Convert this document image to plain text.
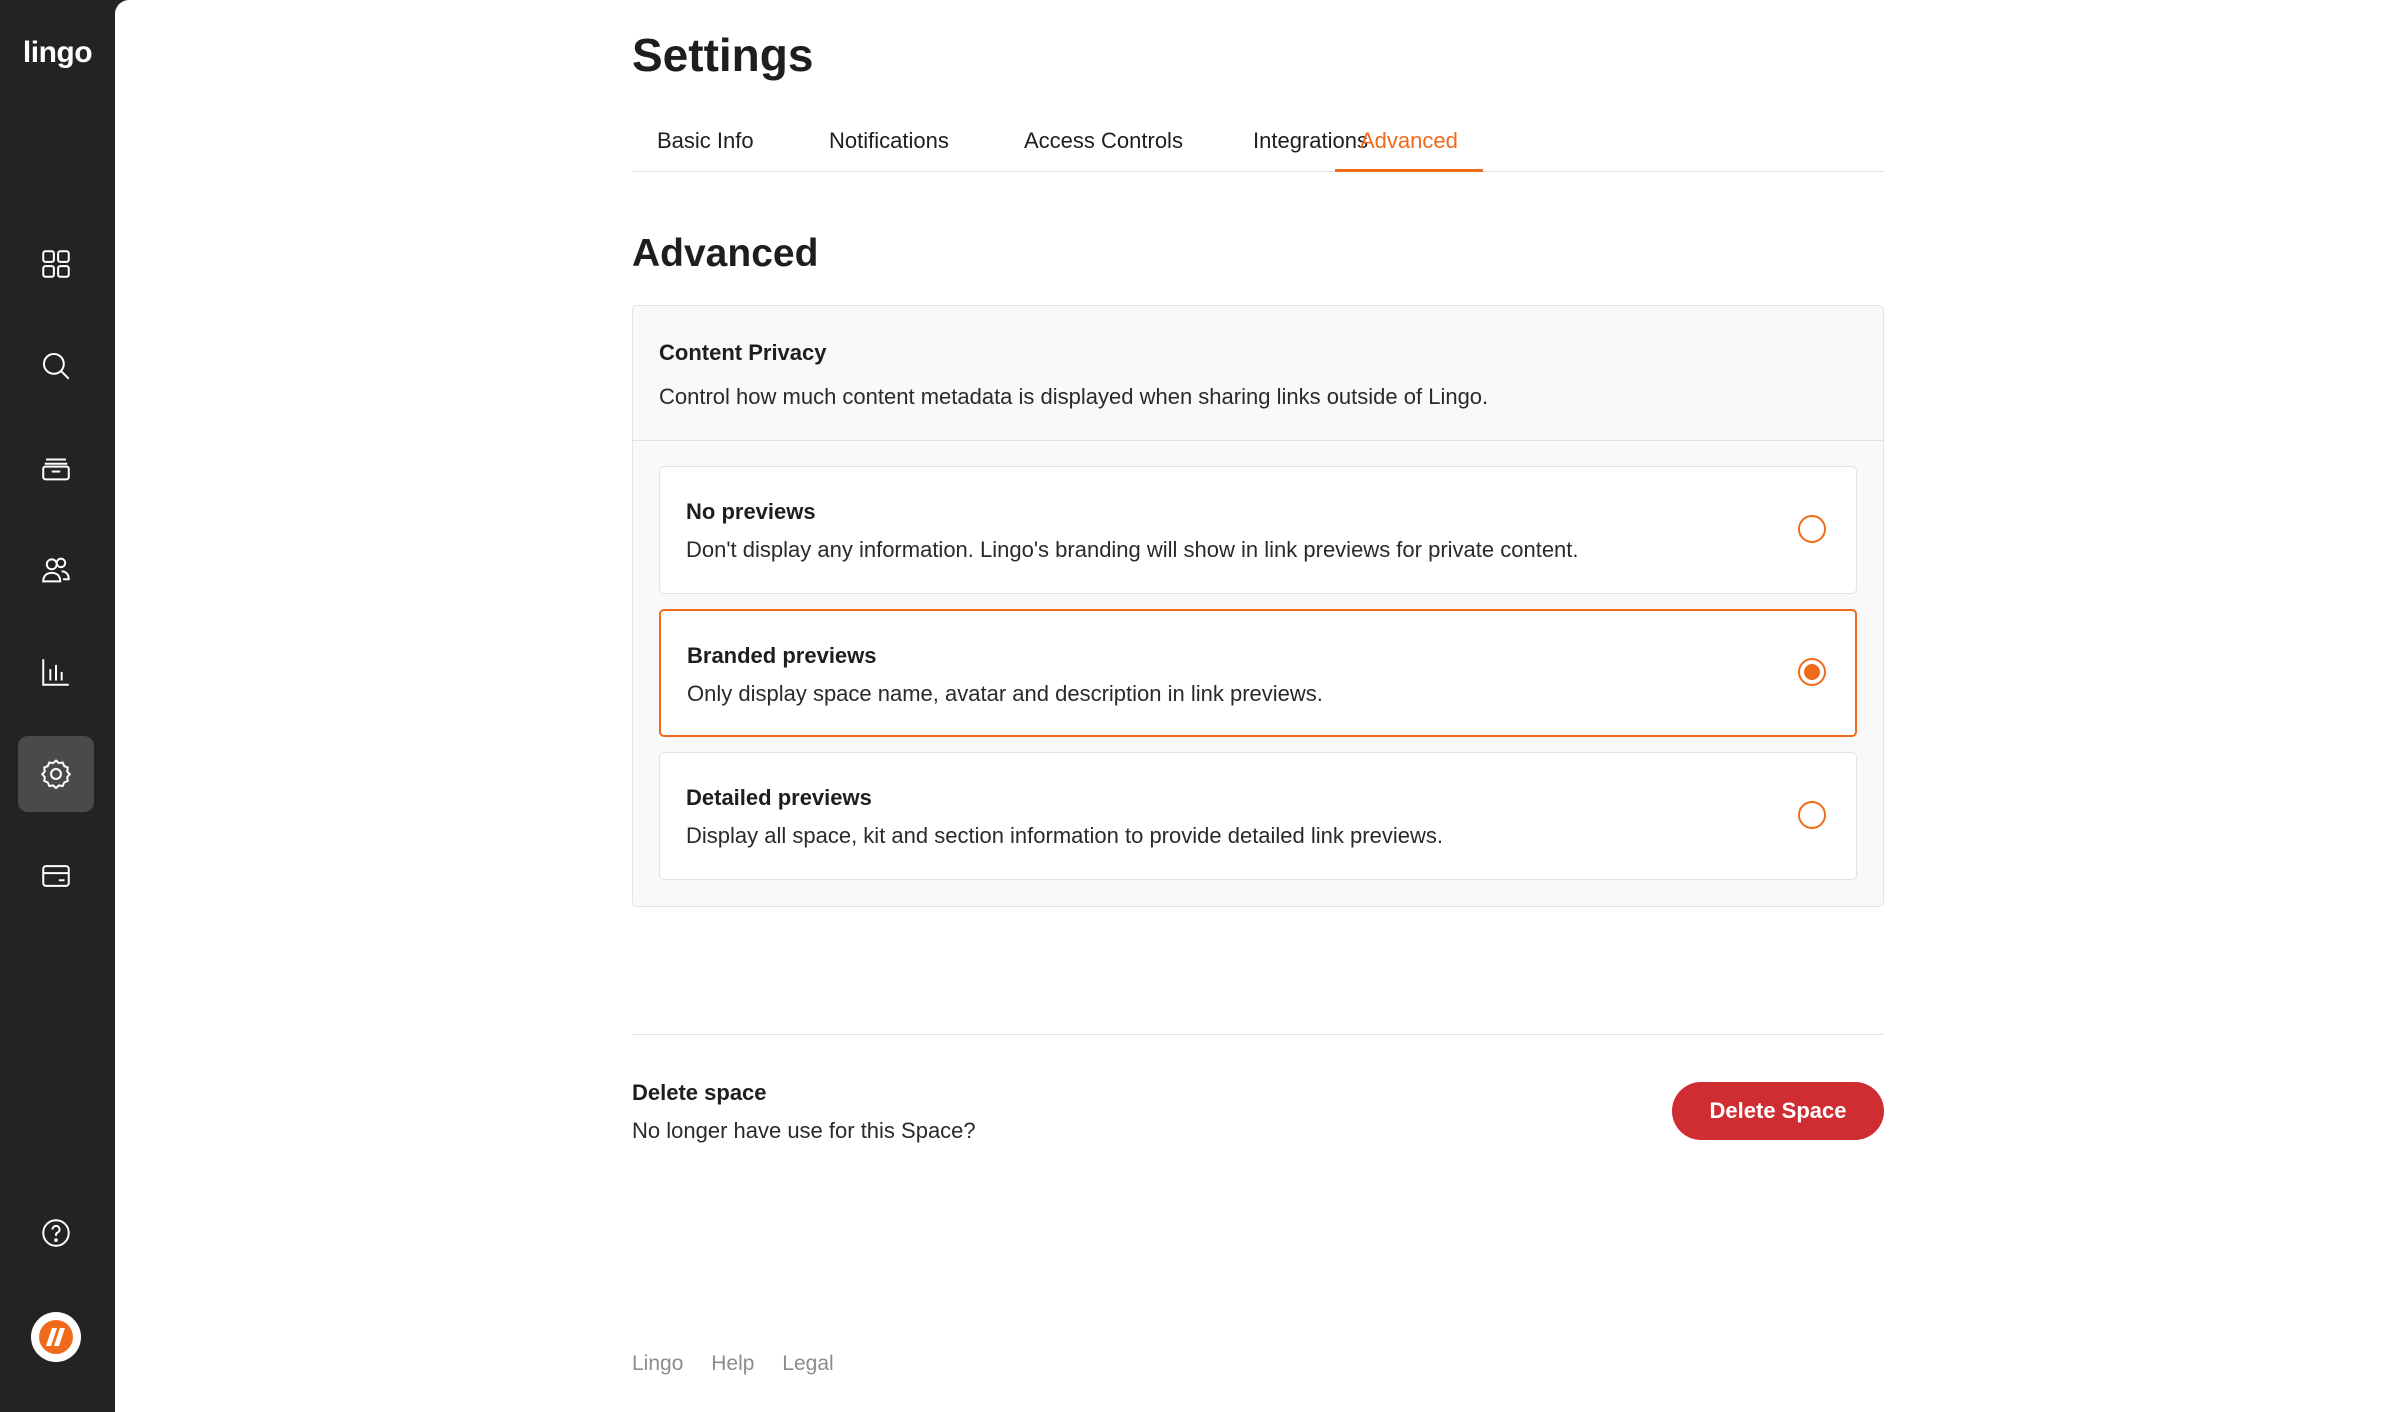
lingo	Settings
Basic Info	Notifications	Access Controls	Integrations
Advanced
Advanced
Content Privacy
Control how much content metadata is displayed when sharing links outside of Lingo.
No previews
Don't display any information. Lingo's branding will show in link previews for private content.
Branded previews
Only display space name, avatar and description in link previews.
Detailed previews
Display all space, kit and section information to provide detailed link previews.
Delete space
No longer have use for this Space?
Delete Space
Lingo Help Legal
